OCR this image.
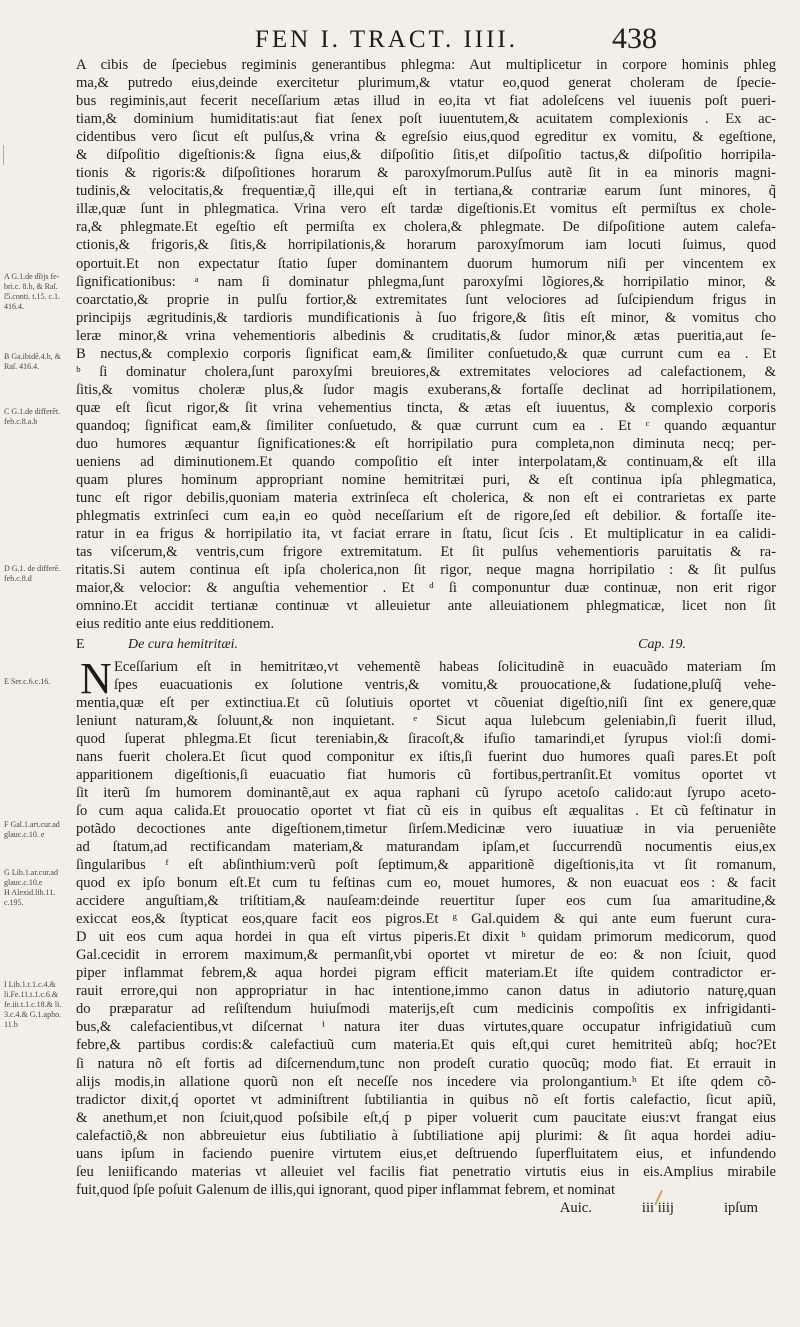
FEN I. TRACT. IIII.	438
A G.1.de dĩijs fe-
bri.c. 8.b, & Raſ.
ſ5.conti. t.15. c.1.
416.4.
B Ga.ibidẽ.4.b, &
Raſ. 416.4.
C G.1.de differẽt.
feb.c.8.a.b
D G.1. de differẽ.
feb.c.8.d
E Ser.c.6.c.16.
F Gal.1.art.cur.ad
glauc.c.10. e
G Lib.1.ar.cur.ad
glauc.c.10.e
H Alexid.lib.11.
c.195.
I Lib.1.t.1.c.4.&
li.Fe.11.t.1.c.6.&
fe.iii.t.1.c.18.& li.
3.c.4.& G.1.apho.
11.b
A cibis de ſpeciebus regiminis generantibus phlegma: Aut multiplicetur in corpore hominis phleg
ma,& putredo eius,deinde exercitetur plurimum,& vtatur eo,quod generat choleram de ſpecie-
bus regiminis,aut fecerit neceſſarium ætas illud in eo,ita vt fiat adoleſcens vel iuuenis poſt pueri-
tiam,& dominium humiditatis:aut fiat ſenex poſt iuuentutem,& acuitatem complexionis . Ex ac-
cidentibus vero ſicut eſt pulſus,& vrina & egreſsio eius,quod egreditur ex vomitu, & egeſtione,
& diſpoſitio digeſtionis:& ſigna eius,& diſpoſitio ſitis,et diſpoſitio tactus,& diſpoſitio horripila-
tionis & rigoris:& diſpoſitiones horarum & paroxyſmorum.Pulſus autẽ ſit in ea minoris magni-
tudinis,& velocitatis,& frequentiæ,q̃ ille,qui eſt in tertiana,& contrariæ earum ſunt minores, q̃
illæ,quæ ſunt in phlegmatica. Vrina vero eſt tardæ digeſtionis.Et vomitus eſt permiſtus ex chole-
ra,& phlegmate.Et egeſtio eſt permiſta ex cholera,& phlegmate. De diſpoſitione autem calefa-
ctionis,& frigoris,& ſitis,& horripilationis,& horarum paroxyſmorum iam locuti ſuimus, quod
oportuit.Et non expectatur ſtatio ſuper dominantem duorum humorum niſi per vincentem ex
ſignificationibus: ᵃ nam ſi dominatur phlegma,ſunt paroxyſmi lõgiores,& horripilatio minor, &
coarctatio,& proprie in pulſu fortior,& extremitates ſunt velociores ad ſuſcipiendum frigus in
principijs ægritudinis,& tardioris mundificationis à ſuo frigore,& ſitis eſt minor, & vomitus cho
leræ minor,& vrina vehementioris albedinis & cruditatis,& ſudor minor,& ætas pueritia,aut ſe-
B nectus,& complexio corporis ſignificat eam,& ſimiliter conſuetudo,& quæ currunt cum ea . Et
ᵇ ſi dominatur cholera,ſunt paroxyſmi breuiores,& extremitates velociores ad calefactionem, &
ſitis,& vomitus choleræ plus,& ſudor magis exuberans,& fortaſſe declinat ad horripilationem,
quæ eſt ſicut rigor,& ſit vrina vehementius tincta, & ætas eſt iuuentus, & complexio corporis
quandoq; ſignificat eam,& ſimiliter conſuetudo, & quæ currunt cum ea . Et ᶜ quando æquantur
duo humores æquantur ſignificationes:& eſt horripilatio pura completa,non diminuta necq; per-
ueniens ad diminutionem.Et quando compoſitio eſt inter interpolatam,& continuam,& eſt illa
quam plures hominum appropriant nomine hemitritæi puri, & eſt continua ipſa phlegmatica,
tunc eſt rigor debilis,quoniam materia extrinſeca eſt cholerica, & non eſt ei contrarietas ex parte
phlegmatis extrinſeci cum ea,in eo quòd neceſſarium eſt de rigore,ſed eſt debilior. & fortaſſe ite-
ratur in ea frigus & horripilatio ita, vt faciat errare in ſtatu, ſicut ſcis . Et multiplicatur in ea calidi-
tas viſcerum,& ventris,cum frigore extremitatum. Et ſit pulſus vehementioris paruitatis & ra-
ritatis.Si autem continua eſt ipſa cholerica,non ſit rigor, neque magna horripilatio : & ſit pulſus
maior,& velocior: & anguſtia vehementior . Et ᵈ ſi componuntur duæ continuæ, non erit rigor
omnino.Et accidit tertianæ continuæ vt alleuietur ante alleuiationem phlegmaticæ, licet non ſit
eius reditio ante eius redditionem.
E	De cura hemitritæi.	Cap. 19.
N Eceſſarium eſt in hemitritæo,vt vehementẽ habeas ſolicitudinẽ in euacuãdo materiam ſm
ſpes euacuationis ex ſolutione ventris,& vomitu,& prouocatione,& ſudatione,pluſq̃ vehe-
mentia,quæ eſt per extinctiua.Et cũ ſolutiuis oportet vt cõueniat digeſtio,niſi ſint ex genere,quæ
leniunt naturam,& ſoluunt,& non inquietant. ᵉ Sicut aqua lulebcum geleniabin,ſi fuerit illud,
quod ſuperat phlegma.Et ſicut tereniabin,& ſiracoſt,& ifuſio tamarindi,et ſyrupus viol:ſi domi-
nans fuerit cholera.Et ſicut quod componitur ex iſtis,ſi fuerint duo humores quaſi pares.Et poſt
apparitionem digeſtionis,ſi euacuatio fiat humoris cũ fortibus,pertranſit.Et vomitus oportet vt
ſit iterũ ſm humorem dominantẽ,aut ex aqua raphani cũ ſyrupo acetoſo calido:aut ſyrupo aceto-
ſo cum aqua calida.Et prouocatio oportet vt fiat cũ eis in quibus eſt æqualitas . Et cũ feſtinatur in
potãdo decoctiones ante digeſtionem,timetur ſirſem.Medicinæ vero iuuatiuæ in via perueniẽte
ad ſtatum,ad rectificandam materiam,& maturandam ipſam,et ſuccurrendũ nocumentis eius,ex
ſingularibus ᶠ eſt abſinthium:verũ poſt ſeptimum,& apparitionẽ digeſtionis,ita vt ſit romanum,
quod ex ipſo bonum eſt.Et cum tu feſtinas cum eo, mouet humores, & non euacuat eos : & facit
accidere anguſtiam,& triſtitiam,& nauſeam:deinde reuertitur ſuper eos cum ſua amaritudine,&
exiccat eos,& ſtypticat eos,quare facit eos pigros.Et ᵍ Gal.quidem & qui ante eum fuerunt cura-
D uit eos cum aqua hordei in qua eſt virtus piperis.Et dixit ʰ quidam primorum medicorum, quod
Gal.cecidit in errorem maximum,& permanſit,vbi oportet vt miretur de eo: & non ſciuit, quod
piper inflammat febrem,& aqua hordei pigram efficit materiam.Et iſte quidem contradictor er-
rauit errore,qui non appropriatur in hac intentione,immo canon datus in adiutorio naturę,quan
do præparatur ad reſiſtendum huiuſmodi materijs,eſt cum medicinis compoſitis ex infrigidanti-
bus,& calefacientibus,vt diſcernat ⁱ natura iter duas virtutes,quare occupatur infrigidatiuũ cum
febre,& partibus cordis:& calefactiuũ cum materia.Et quis eſt,qui curet hemitriteũ abſq; hoc?Et
ſi natura nõ eſt fortis ad diſcernendum,tunc non prodeſt curatio quocũq; modo fiat. Et errauit in
alijs modis,in allatione quorũ non eſt neceſſe nos incedere via prolongantium.ʰ Et iſte qdem cõ-
tradictor dixit,q́ oportet vt adminiſtrent ſubtiliantia in quibus nõ eſt fortis calefactio, ſicut apiũ,
& anethum,et non ſciuit,quod poſsibile eſt,q́ p piper voluerit cum paucitate eius:vt frangat eius
calefactiõ,& non abbreuietur eius ſubtiliatio à ſubtiliatione apij plurimi: & ſit aqua hordei adiu-
uans ipſum in faciendo puenire virtutem eius,et deſtruendo ſuperfluitatem eius, et infundendo
ſeu leniificando materias vt alleuiet vel facilis fiat penetratio virtutis eius in eis.Amplius mirabile
fuit,quod ſpſe poſuit Galenum de illis,qui ignorant, quod piper inflammat febrem, et nominat
Auic.	iii iiij	ipſum
